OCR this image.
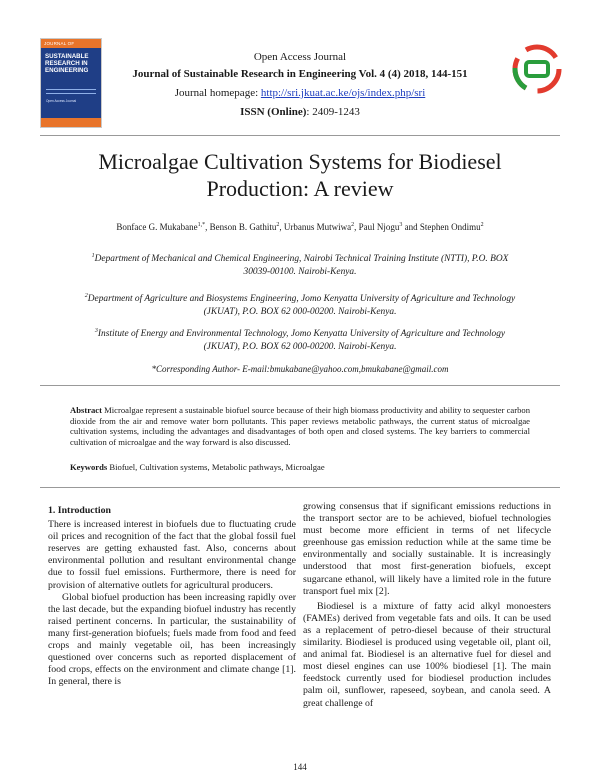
JOURNAL OF
SUSTAINABLE RESEARCH IN ENGINEERING
Open Access Journal
Open Access Journal
Journal of Sustainable Research in Engineering Vol. 4 (4) 2018, 144-151
Journal homepage: http://sri.jkuat.ac.ke/ojs/index.php/sri
ISSN (Online): 2409-1243
Microalgae Cultivation Systems for Biodiesel
Production: A review
Bonface G. Mukabane$^{1,*}$, Benson B. Gathitu$^2$, Urbanus Mutwiwa$^2$, Paul Njogu$^3$ and Stephen Ondimu$^2$
$^1$Department of Mechanical and Chemical Engineering, Nairobi Technical Training Institute (NTTI), P.O. BOX
30039-00100. Nairobi-Kenya.
$^2$Department of Agriculture and Biosystems Engineering, Jomo Kenyatta University of Agriculture and Technology
(JKUAT), P.O. BOX 62 000-00200. Nairobi-Kenya.
$^3$Institute of Energy and Environmental Technology, Jomo Kenyatta University of Agriculture and Technology
(JKUAT), P.O. BOX 62 000-00200. Nairobi-Kenya.
*Corresponding Author- E-mail:bmukabane@yahoo.com,bmukabane@gmail.com
Abstract Microalgae represent a sustainable biofuel source because of their high biomass productivity and ability to sequester carbon dioxide from the air and remove water born pollutants. This paper reviews metabolic pathways, the current status of microalgae cultivation systems, including the advantages and disadvantages of both open and closed systems. The key barriers to commercial cultivation of microalgae and the way forward is also discussed.
Keywords Biofuel, Cultivation systems, Metabolic pathways, Microalgae
1. Introduction

There is increased interest in biofuels due to fluctuating crude oil prices and recognition of the fact that the global fossil fuel reserves are getting exhausted fast. Also, concerns about environmental pollution and resultant environmental change due to fossil fuel emissions. Furthermore, there is need for provision of alternative outlets for agricultural producers.

Global biofuel production has been increasing rapidly over the last decade, but the expanding biofuel industry has recently raised pertinent concerns. In particular, the sustainability of many first-generation biofuels; fuels made from food and feed crops and mainly vegetable oil, has been increasingly questioned over concerns such as reported displacement of food crops, effects on the environment and climate change [1]. In general, there is

growing consensus that if significant emissions reductions in the transport sector are to be achieved, biofuel technologies must become more efficient in terms of net lifecycle greenhouse gas emission reduction while at the same time be environmentally and socially sustainable. It is increasingly understood that most first-generation biofuels, except sugarcane ethanol, will likely have a limited role in the future transport fuel mix [2].

Biodiesel is a mixture of fatty acid alkyl monoesters (FAMEs) derived from vegetable fats and oils. It can be used as a replacement of petro-diesel because of their structural similarity. Biodiesel is produced using vegetable oil, plant oil, and animal fat. Biodiesel is an alternative fuel for diesel and most diesel engines can use 100% biodiesel [1]. The main feedstock currently used for biodiesel production includes palm oil, sunflower, rapeseed, soybean, and canola seed. A great challenge of

144
